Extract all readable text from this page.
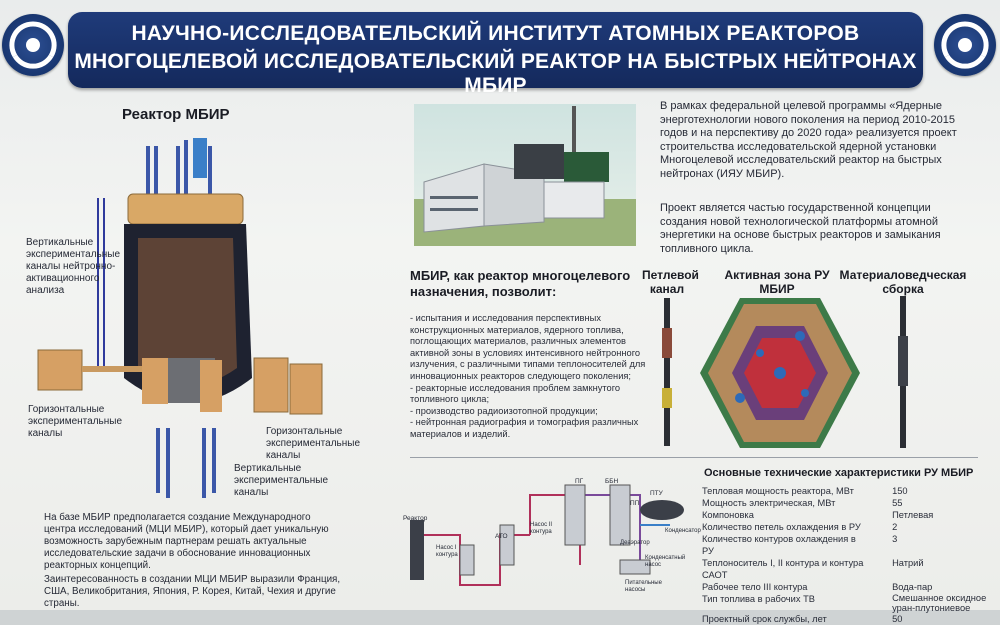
НАУЧНО-ИССЛЕДОВАТЕЛЬСКИЙ ИНСТИТУТ АТОМНЫХ РЕАКТОРОВ
МНОГОЦЕЛЕВОЙ ИССЛЕДОВАТЕЛЬСКИЙ РЕАКТОР НА БЫСТРЫХ НЕЙТРОНАХ МБИР
Реактор МБИР
Вертикальные экспериментальные каналы нейтронно-активационного анализа
Горизонтальные экспериментальные каналы	Горизонтальные экспериментальные каналы
Вертикальные экспериментальные каналы
На базе МБИР предполагается создание Международного центра исследований (МЦИ МБИР), который дает уникальную возможность зарубежным партнерам решать актуальные исследовательские задачи в обоснование инновационных реакторных концепций.
Заинтересованность в создании МЦИ МБИР выразили Франция, США, Великобритания, Япония, Р. Корея, Китай, Чехия и другие страны.
В рамках федеральной целевой программы «Ядерные энерготехнологии нового поколения на период 2010-2015 годов и на перспективу до 2020 года» реализуется проект строительства исследовательской ядерной установки Многоцелевой исследовательский реактор на быстрых нейтронах (ИЯУ МБИР).
Проект является частью государственной концепции создания новой технологической платформы атомной энергетики на основе быстрых реакторов и замыкания топливного цикла.
МБИР, как реактор многоцелевого назначения, позволит:
- испытания и исследования перспективных конструкционных материалов, ядерного топлива, поглощающих материалов, различных элементов активной зоны в условиях интенсивного нейтронного излучения, с различными типами теплоносителей для инновационных реакторов следующего поколения;
- реакторные исследования проблем замкнутого топливного цикла;
- производство радиоизотопной продукции;
- нейтронная радиография и томография различных материалов и изделий.
Петлевой канал
Активная зона РУ МБИР
Материаловедческая сборка
Реактор
Насос I контура
АТО
Насос II контура
ПГ	ББН
ПП
ПТУ
Конденсатор
Деаэратор
Конденсатный насос
Питательные насосы
Основные технические характеристики РУ МБИР
Тепловая мощность реактора, МВт	150
Мощность электрическая, МВт	55
Компоновка	Петлевая
Количество петель охлаждения в РУ	2
Количество контуров охлаждения в РУ	3
Теплоноситель I, II контура и контура САОТ	Натрий
Рабочее тело III контура	Вода-пар
Тип топлива в рабочих ТВ	Смешанное оксидное уран-плутониевое
Проектный срок службы, лет	50
